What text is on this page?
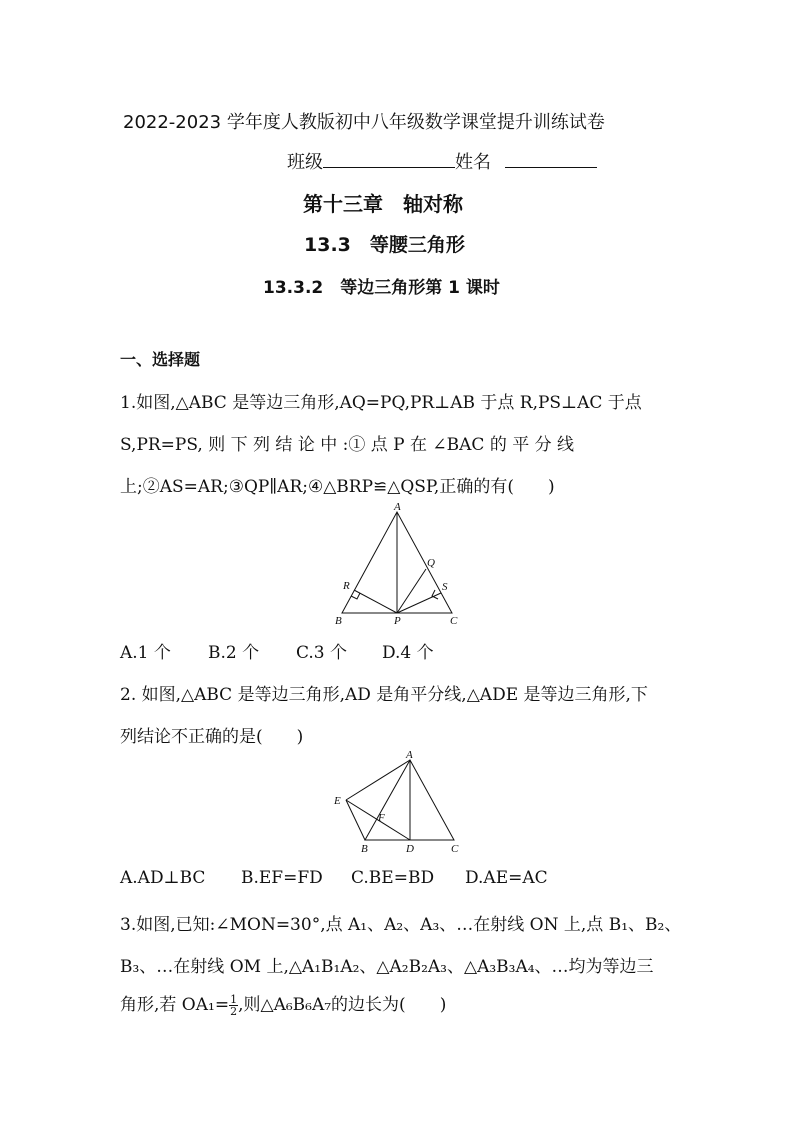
2022-2023 学年度人教版初中八年级数学课堂提升训练试卷
班级	姓名
第十三章　轴对称
13.3　等腰三角形
13.3.2　等边三角形第 1 课时
一、选择题
1.如图,△ABC 是等边三角形,AQ=PQ,PR⊥AB 于点 R,PS⊥AC 于点
S,PR=PS, 则 下 列 结 论 中 :① 点 P 在 ∠BAC 的 平 分 线
上;②AS=AR;③QP∥AR;④△BRP≌△QSP,正确的有(　　)
A
B	C
P
Q
R	S
A.1 个 B.2 个 C.3 个 D.4 个
2. 如图,△ABC 是等边三角形,AD 是角平分线,△ADE 是等边三角形,下
列结论不正确的是(　　)
A
B	C
D
E
F
A.AD⊥BC B.EF=FD C.BE=BD D.AE=AC
3.如图,已知:∠MON=30°,点 A₁、A₂、A₃、…在射线 ON 上,点 B₁、B₂、
B₃、…在射线 OM 上,△A₁B₁A₂、△A₂B₂A₃、△A₃B₃A₄、…均为等边三
角形,若 $OA_1= \frac{1}{2}$ ,则△A₆B₆A₇的边长为(　　)
